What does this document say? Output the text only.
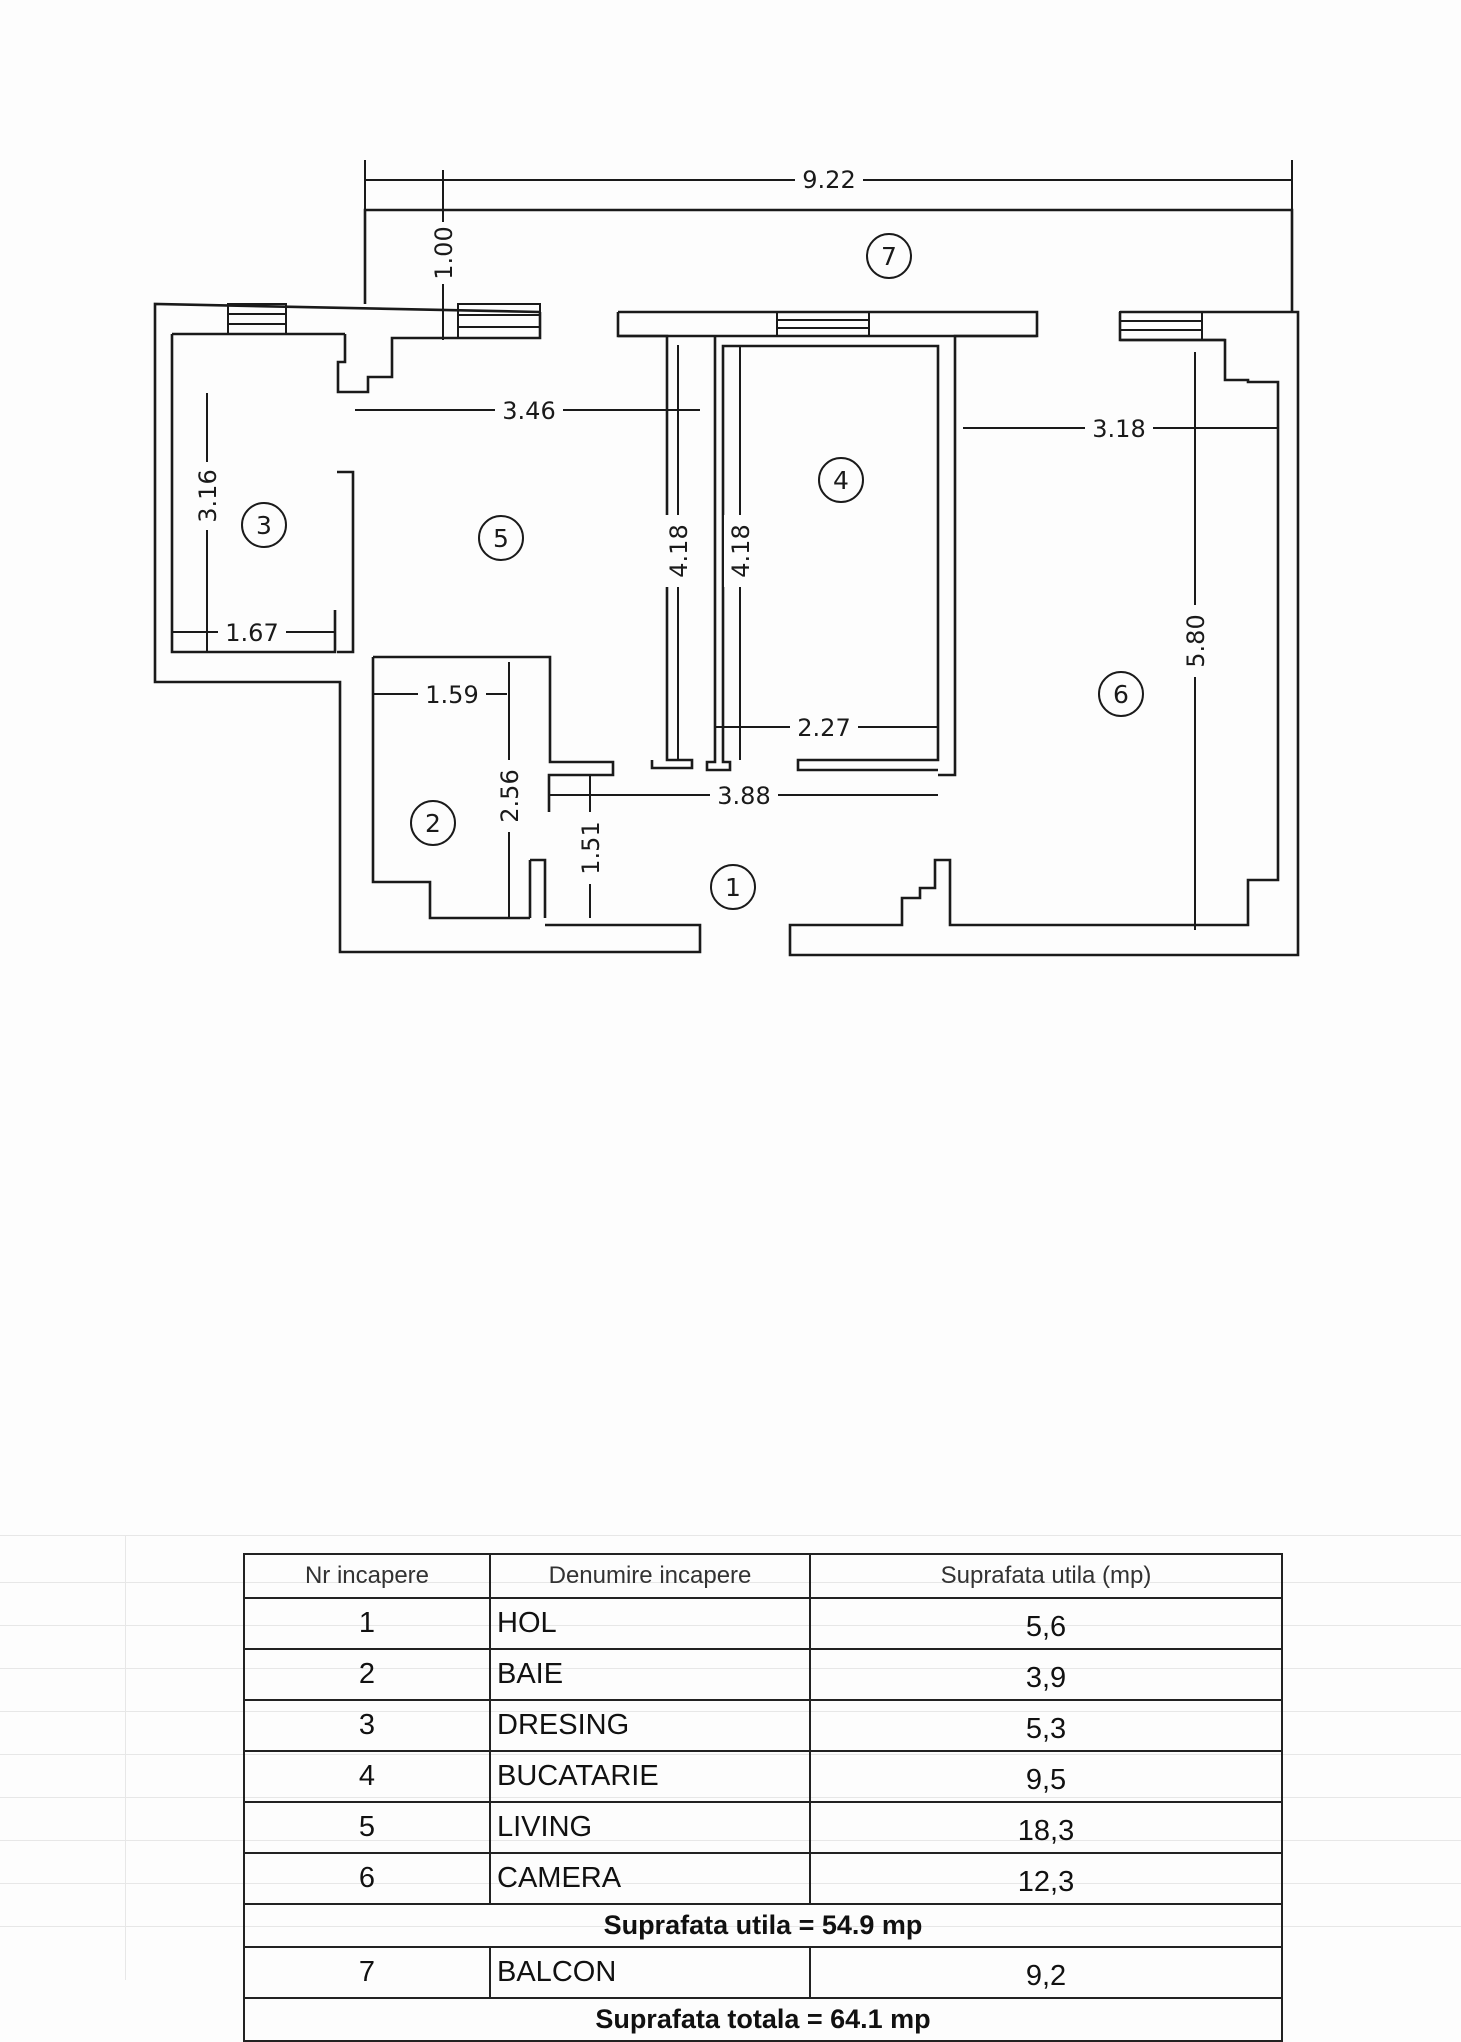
9.22
1.00
3.46
3.18
3.16
1.67
4.18 4.18
5.80
1.59
2.27
2.56	3.88
1.51
1
2
3
4
5
6
7
Nr incapere	Denumire incapere	Suprafata utila (mp)
1	HOL	5,6
2	BAIE	3,9
3	DRESING	5,3
4	BUCATARIE	9,5
5	LIVING	18,3
6	CAMERA	12,3
Suprafata utila = 54.9 mp		
7	BALCON	9,2
Suprafata totala = 64.1 mp		
